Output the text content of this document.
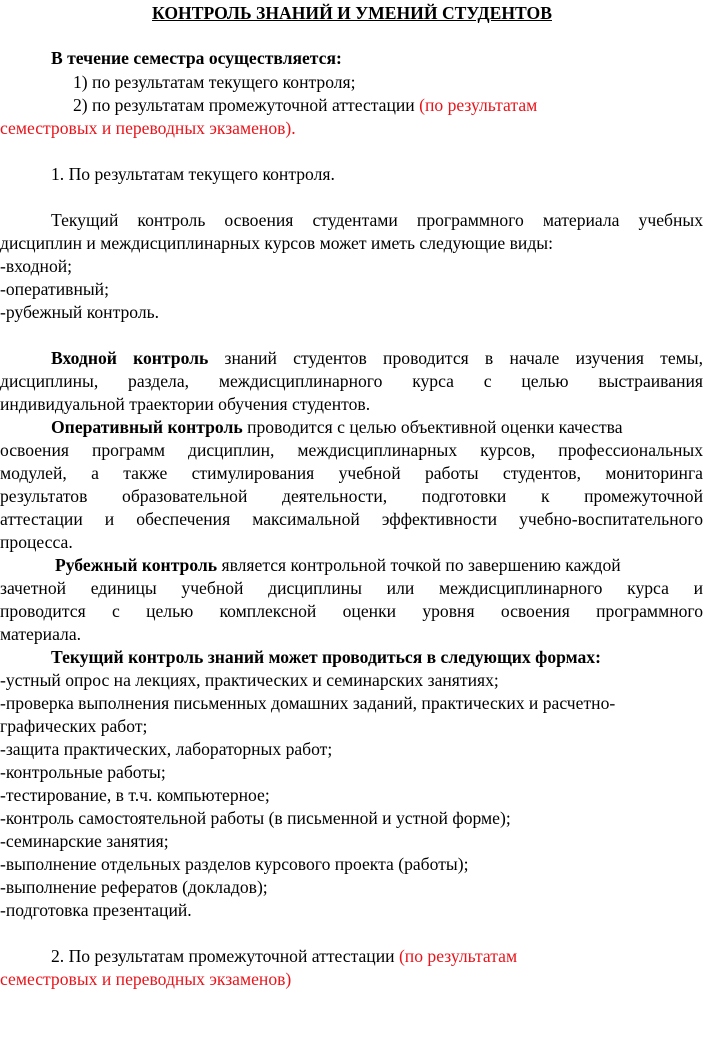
КОНТРОЛЬ ЗНАНИЙ И УМЕНИЙ СТУДЕНТОВ
В течение семестра осуществляется:
1) по результатам текущего контроля;
2) по результатам промежуточной аттестации (по результатам
семестровых и переводных экзаменов).
1. По результатам текущего контроля.
Текущий контроль освоения студентами программного материала учебных
дисциплин и междисциплинарных курсов может иметь следующие виды:
-входной;
-оперативный;
-рубежный контроль.
Входной контроль знаний студентов проводится в начале изучения темы,
дисциплины, раздела, междисциплинарного курса с целью выстраивания
индивидуальной траектории обучения студентов.
Оперативный контроль проводится с целью объективной оценки качества
освоения программ дисциплин, междисциплинарных курсов, профессиональных
модулей, а также стимулирования учебной работы студентов, мониторинга
результатов образовательной деятельности, подготовки к промежуточной
аттестации и обеспечения максимальной эффективности учебно-воспитательного
процесса.
Рубежный контроль является контрольной точкой по завершению каждой
зачетной единицы учебной дисциплины или междисциплинарного курса и
проводится с целью комплексной оценки уровня освоения программного
материала.
Текущий контроль знаний может проводиться в следующих формах:
-устный опрос на лекциях, практических и семинарских занятиях;
-проверка выполнения письменных домашних заданий, практических и расчетно-
графических работ;
-защита практических, лабораторных работ;
-контрольные работы;
-тестирование, в т.ч. компьютерное;
-контроль самостоятельной работы (в письменной и устной форме);
-семинарские занятия;
-выполнение отдельных разделов курсового проекта (работы);
-выполнение рефератов (докладов);
-подготовка презентаций.
2. По результатам промежуточной аттестации (по результатам
семестровых и переводных экзаменов)
